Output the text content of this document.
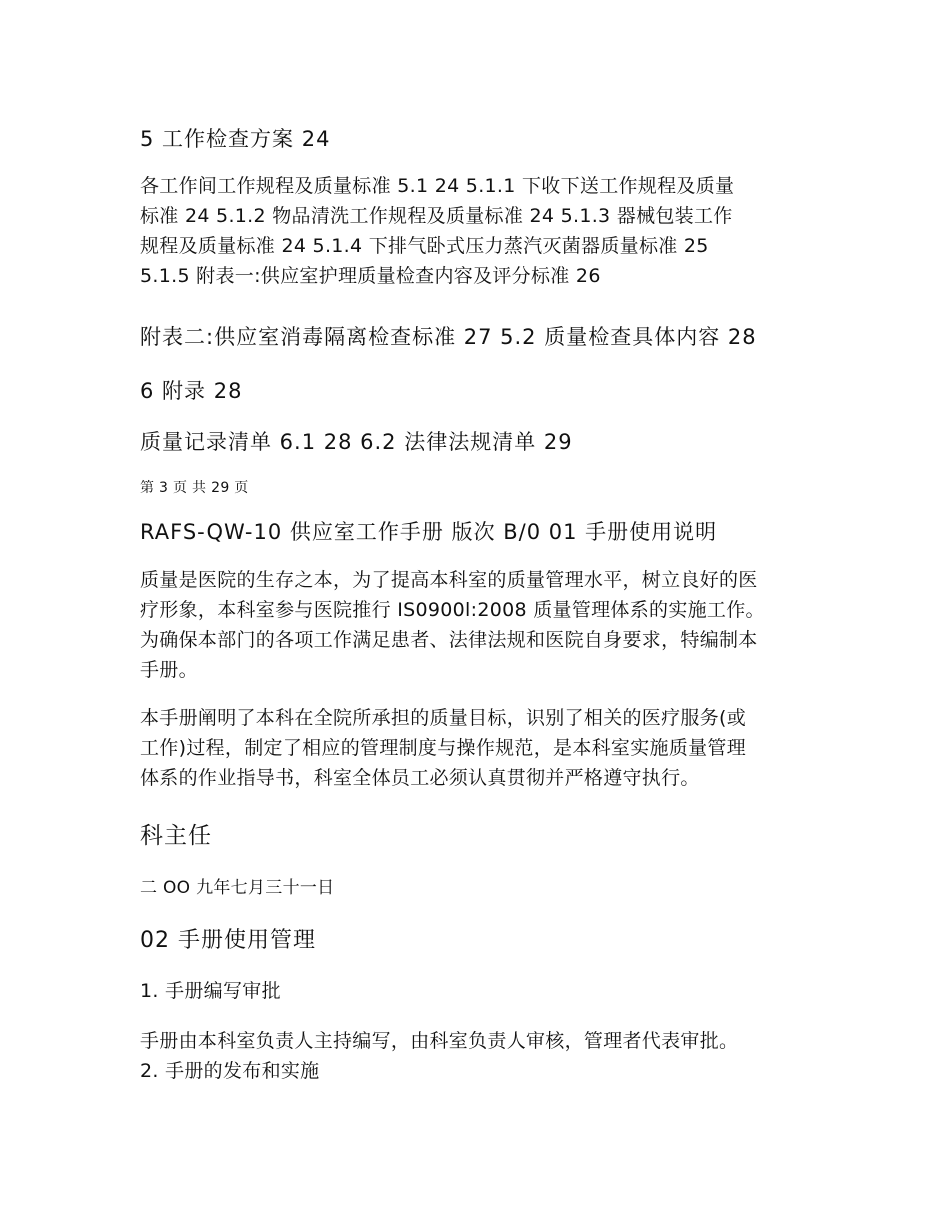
5 工作检查方案 24
各工作间工作规程及质量标准 5.1 24 5.1.1 下收下送工作规程及质量
标准 24 5.1.2 物品清洗工作规程及质量标准 24 5.1.3 器械包装工作
规程及质量标准 24 5.1.4 下排气卧式压力蒸汽灭菌器质量标准 25
5.1.5 附表一:供应室护理质量检查内容及评分标准 26
附表二:供应室消毒隔离检查标准 27 5.2 质量检查具体内容 28
6 附录 28
质量记录清单 6.1 28 6.2 法律法规清单 29
第 3 页 共 29 页
RAFS-QW-10 供应室工作手册 版次 B/0 01 手册使用说明
质量是医院的生存之本，为了提高本科室的质量管理水平，树立良好的医
疗形象，本科室参与医院推行 IS0900l:2008 质量管理体系的实施工作。
为确保本部门的各项工作满足患者、法律法规和医院自身要求，特编制本
手册。
本手册阐明了本科在全院所承担的质量目标，识别了相关的医疗服务(或
工作)过程，制定了相应的管理制度与操作规范，是本科室实施质量管理
体系的作业指导书，科室全体员工必须认真贯彻并严格遵守执行。
科主任
二 OO 九年七月三十一日
02 手册使用管理
1. 手册编写审批
手册由本科室负责人主持编写，由科室负责人审核，管理者代表审批。
2. 手册的发布和实施
